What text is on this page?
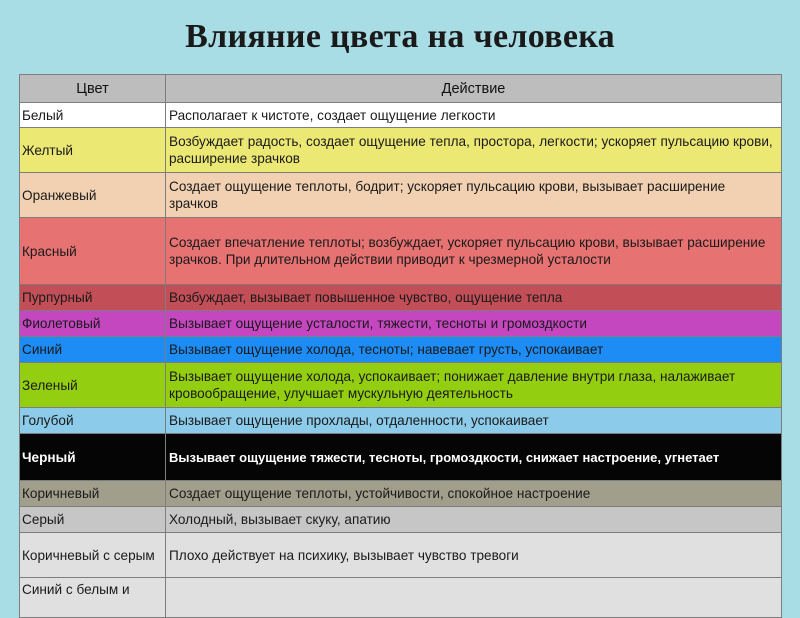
Влияние цвета на человека
Цвет	Действие
Белый	Располагает к чистоте, создает ощущение легкости
Желтый	Возбуждает радость, создает ощущение тепла, простора, легкости; ускоряет пульсацию крови, расширение зрачков
Оранжевый	Создает ощущение теплоты, бодрит; ускоряет пульсацию крови, вызывает расширение зрачков
Красный	Создает впечатление теплоты; возбуждает, ускоряет пульсацию крови, вызывает расширение зрачков. При длительном действии приводит к чрезмерной усталости
Пурпурный	Возбуждает, вызывает повышенное чувство, ощущение тепла
Фиолетовый	Вызывает ощущение усталости, тяжести, тесноты и громоздкости
Синий	Вызывает ощущение холода, тесноты; навевает грусть, успокаивает
Зеленый	Вызывает ощущение холода, успокаивает; понижает давление внутри глаза, налаживает кровообращение, улучшает мускульную деятельность
Голубой	Вызывает ощущение прохлады, отдаленности, успокаивает
Черный	Вызывает ощущение тяжести, тесноты, громоздкости, снижает настроение, угнетает
Коричневый	Создает ощущение теплоты, устойчивости, спокойное настроение
Серый	Холодный, вызывает скуку, апатию
Коричневый с серым	Плохо действует на психику, вызывает чувство тревоги
Синий с белым и	
